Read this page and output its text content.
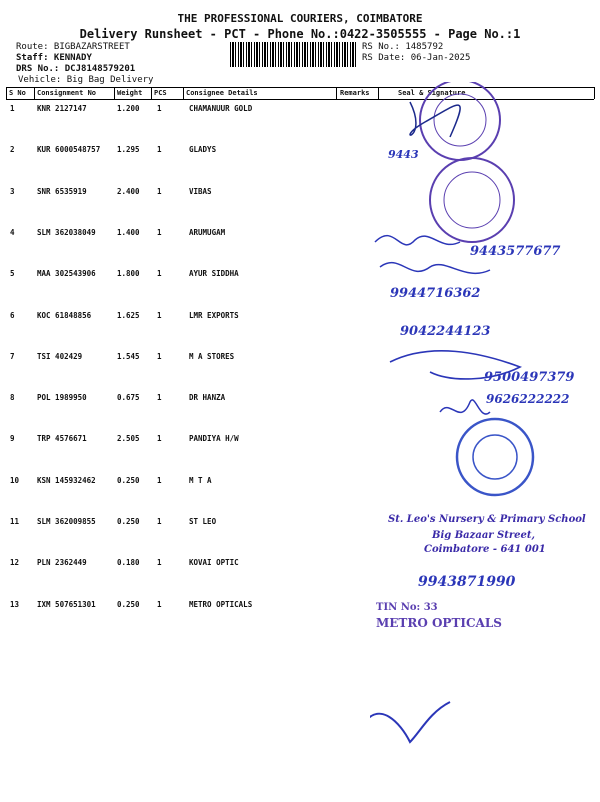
THE PROFESSIONAL COURIERS, COIMBATORE
Delivery Runsheet - PCT - Phone No.:0422-3505555 - Page No.:1
Route: BIGBAZARSTREET
Staff: KENNADY
DRS No.: DCJ8148579201
Vehicle: Big Bag Delivery
RS No.: 1485792
RS Date: 06-Jan-2025
S No Consignment No	Weight PCS	Consignee Details	Remarks	Seal & Signature
1	KNR 2127147	1.200 1	CHAMANUUR GOLD
2	KUR 6000548757 1.295 1	GLADYS
3	SNR 6535919	2.400 1	VIBAS
4	SLM 362038049	1.400 1	ARUMUGAM
5	MAA 302543906	1.800 1	AYUR SIDDHA
6	KOC 61848856	1.625 1	LMR EXPORTS
7	TSI 402429	1.545 1	M A STORES
8	POL 1989950	0.675 1	DR HANZA
9	TRP 4576671	2.505 1	PANDIYA H/W
10 KSN 145932462	0.250 1	M T A
11 SLM 362009855	0.250 1	ST LEO
12 PLN 2362449	0.180 1	KOVAI OPTIC
13 IXM 507651301	0.250 1	METRO OPTICALS
9443
9443577677
9944716362
9042244123
9500497379
9626222222
St. Leo's Nursery & Primary School
Big Bazaar Street,
Coimbatore - 641 001
9943871990
TIN No: 33
METRO OPTICALS
